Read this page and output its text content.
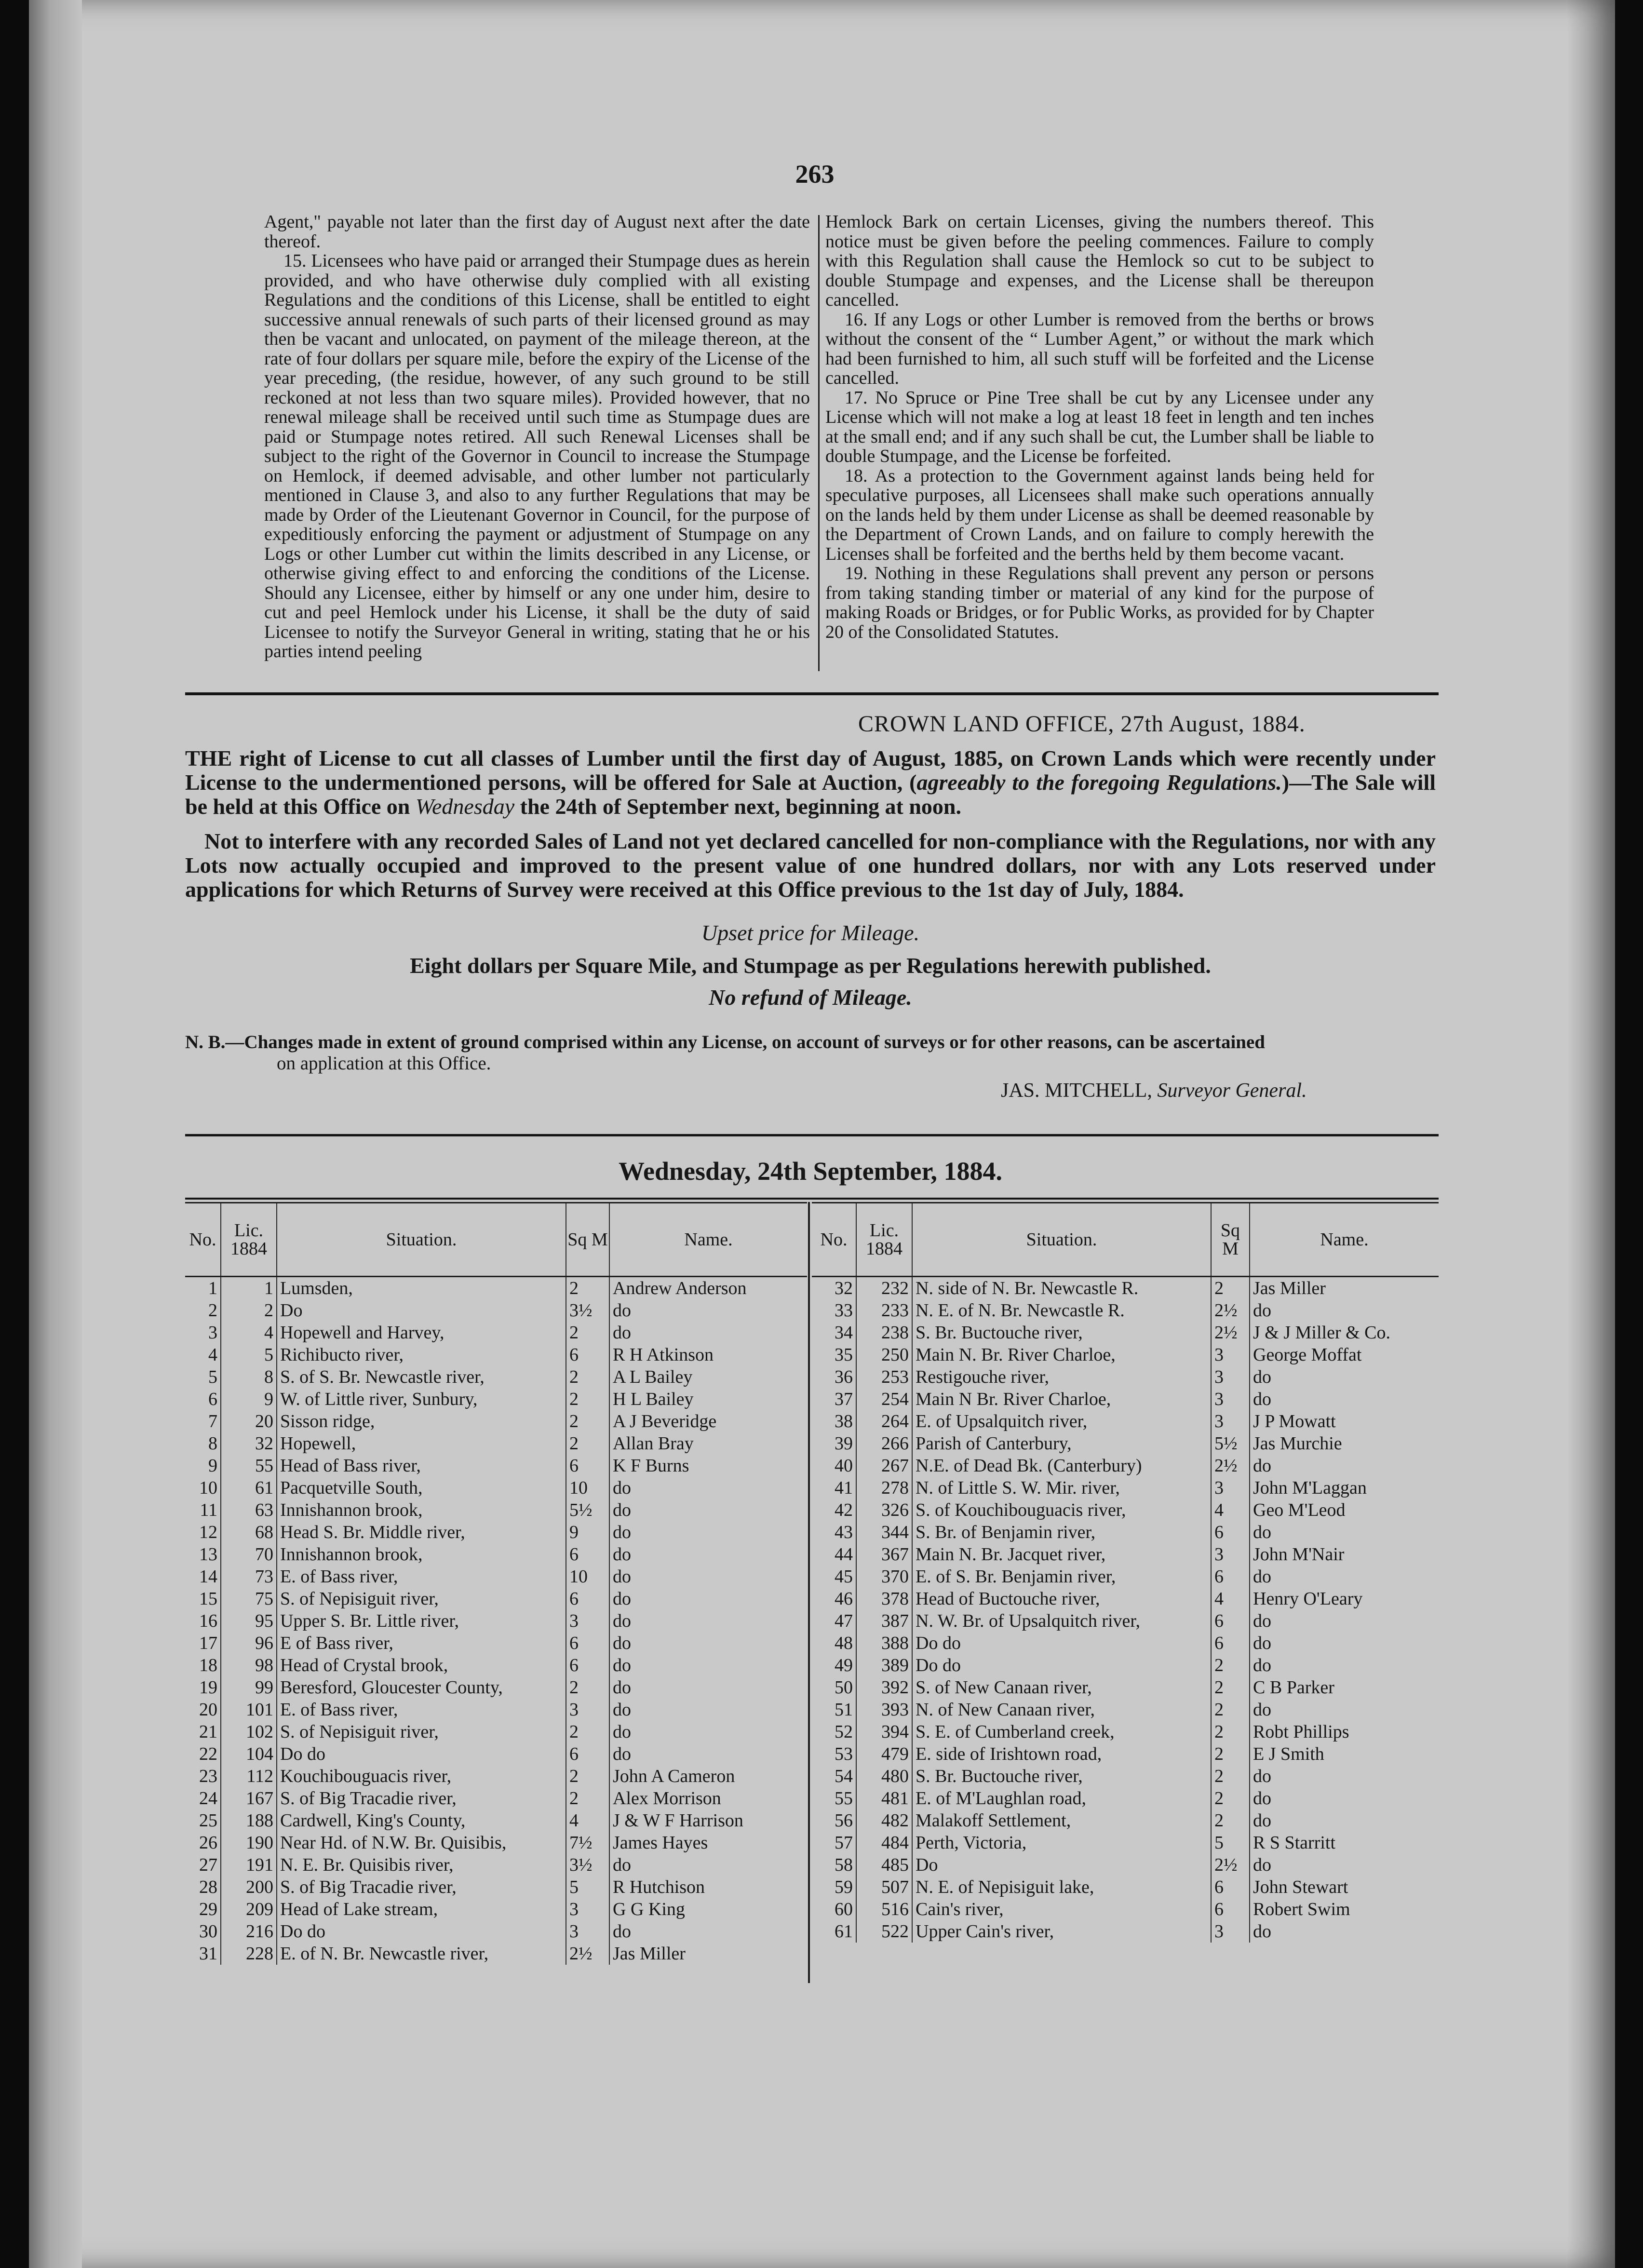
263

Agent," payable not later than the first day of August next after the date thereof.

15. Licensees who have paid or arranged their Stumpage dues as herein provided, and who have otherwise duly complied with all existing Regulations and the conditions of this License, shall be entitled to eight successive annual renewals of such parts of their licensed ground as may then be vacant and unlocated, on payment of the mileage thereon, at the rate of four dollars per square mile, before the expiry of the License of the year preceding, (the residue, however, of any such ground to be still reckoned at not less than two square miles). Provided however, that no renewal mileage shall be received until such time as Stumpage dues are paid or Stumpage notes retired. All such Renewal Licenses shall be subject to the right of the Governor in Council to increase the Stumpage on Hemlock, if deemed advisable, and other lumber not particularly mentioned in Clause 3, and also to any further Regulations that may be made by Order of the Lieutenant Governor in Council, for the purpose of expeditiously enforcing the payment or adjustment of Stumpage on any Logs or other Lumber cut within the limits described in any License, or otherwise giving effect to and enforcing the conditions of the License. Should any Licensee, either by himself or any one under him, desire to cut and peel Hemlock under his License, it shall be the duty of said Licensee to notify the Surveyor General in writing, stating that he or his parties intend peeling

Hemlock Bark on certain Licenses, giving the numbers thereof. This notice must be given before the peeling commences. Failure to comply with this Regulation shall cause the Hemlock so cut to be subject to double Stumpage and expenses, and the License shall be thereupon cancelled.

16. If any Logs or other Lumber is removed from the berths or brows without the consent of the “ Lumber Agent,” or without the mark which had been furnished to him, all such stuff will be forfeited and the License cancelled.

17. No Spruce or Pine Tree shall be cut by any Licensee under any License which will not make a log at least 18 feet in length and ten inches at the small end; and if any such shall be cut, the Lumber shall be liable to double Stumpage, and the License be forfeited.

18. As a protection to the Government against lands being held for speculative purposes, all Licensees shall make such operations annually on the lands held by them under License as shall be deemed reasonable by the Department of Crown Lands, and on failure to comply herewith the Licenses shall be forfeited and the berths held by them become vacant.

19. Nothing in these Regulations shall prevent any person or persons from taking standing timber or material of any kind for the purpose of making Roads or Bridges, or for Public Works, as provided for by Chapter 20 of the Consolidated Statutes.

CROWN LAND OFFICE, 27th August, 1884.
THE right of License to cut all classes of Lumber until the first day of August, 1885, on Crown Lands which were recently under License to the undermentioned persons, will be offered for Sale at Auction, (agreeably to the foregoing Regulations.)—The Sale will be held at this Office on Wednesday the 24th of September next, beginning at noon.
Not to interfere with any recorded Sales of Land not yet declared cancelled for non-compliance with the Regulations, nor with any Lots now actually occupied and improved to the present value of one hundred dollars, nor with any Lots reserved under applications for which Returns of Survey were received at this Office previous to the 1st day of July, 1884.
Upset price for Mileage.
Eight dollars per Square Mile, and Stumpage as per Regulations herewith published.
No refund of Mileage.
N. B.—Changes made in extent of ground comprised within any License, on account of surveys or for other reasons, can be ascertained
on application at this Office.
JAS. MITCHELL, Surveyor General.
Wednesday, 24th September, 1884.
No.	Lic. 1884	Situation.	Sq M	Name.
1	1	Lumsden,	2	Andrew Anderson
2	2	Do	3½	do
3	4	Hopewell and Harvey,	2	do
4	5	Richibucto river,	6	R H Atkinson
5	8	S. of S. Br. Newcastle river,	2	A L Bailey
6	9	W. of Little river, Sunbury,	2	H L Bailey
7	20	Sisson ridge,	2	A J Beveridge
8	32	Hopewell,	2	Allan Bray
9	55	Head of Bass river,	6	K F Burns
10	61	Pacquetville South,	10	do
11	63	Innishannon brook,	5½	do
12	68	Head S. Br. Middle river,	9	do
13	70	Innishannon brook,	6	do
14	73	E. of Bass river,	10	do
15	75	S. of Nepisiguit river,	6	do
16	95	Upper S. Br. Little river,	3	do
17	96	E of Bass river,	6	do
18	98	Head of Crystal brook,	6	do
19	99	Beresford, Gloucester County,	2	do
20	101	E. of Bass river,	3	do
21	102	S. of Nepisiguit river,	2	do
22	104	Do do	6	do
23	112	Kouchibouguacis river,	2	John A Cameron
24	167	S. of Big Tracadie river,	2	Alex Morrison
25	188	Cardwell, King's County,	4	J & W F Harrison
26	190	Near Hd. of N.W. Br. Quisibis,	7½	James Hayes
27	191	N. E. Br. Quisibis river,	3½	do
28	200	S. of Big Tracadie river,	5	R Hutchison
29	209	Head of Lake stream,	3	G G King
30	216	Do do	3	do
31	228	E. of N. Br. Newcastle river,	2½	Jas Miller
No.	Lic. 1884	Situation.	Sq M	Name.
32	232	N. side of N. Br. Newcastle R.	2	Jas Miller
33	233	N. E. of N. Br. Newcastle R.	2½	do
34	238	S. Br. Buctouche river,	2½	J & J Miller & Co.
35	250	Main N. Br. River Charloe,	3	George Moffat
36	253	Restigouche river,	3	do
37	254	Main N Br. River Charloe,	3	do
38	264	E. of Upsalquitch river,	3	J P Mowatt
39	266	Parish of Canterbury,	5½	Jas Murchie
40	267	N.E. of Dead Bk. (Canterbury)	2½	do
41	278	N. of Little S. W. Mir. river,	3	John M'Laggan
42	326	S. of Kouchibouguacis river,	4	Geo M'Leod
43	344	S. Br. of Benjamin river,	6	do
44	367	Main N. Br. Jacquet river,	3	John M'Nair
45	370	E. of S. Br. Benjamin river,	6	do
46	378	Head of Buctouche river,	4	Henry O'Leary
47	387	N. W. Br. of Upsalquitch river,	6	do
48	388	Do do	6	do
49	389	Do do	2	do
50	392	S. of New Canaan river,	2	C B Parker
51	393	N. of New Canaan river,	2	do
52	394	S. E. of Cumberland creek,	2	Robt Phillips
53	479	E. side of Irishtown road,	2	E J Smith
54	480	S. Br. Buctouche river,	2	do
55	481	E. of M'Laughlan road,	2	do
56	482	Malakoff Settlement,	2	do
57	484	Perth, Victoria,	5	R S Starritt
58	485	Do	2½	do
59	507	N. E. of Nepisiguit lake,	6	John Stewart
60	516	Cain's river,	6	Robert Swim
61	522	Upper Cain's river,	3	do
